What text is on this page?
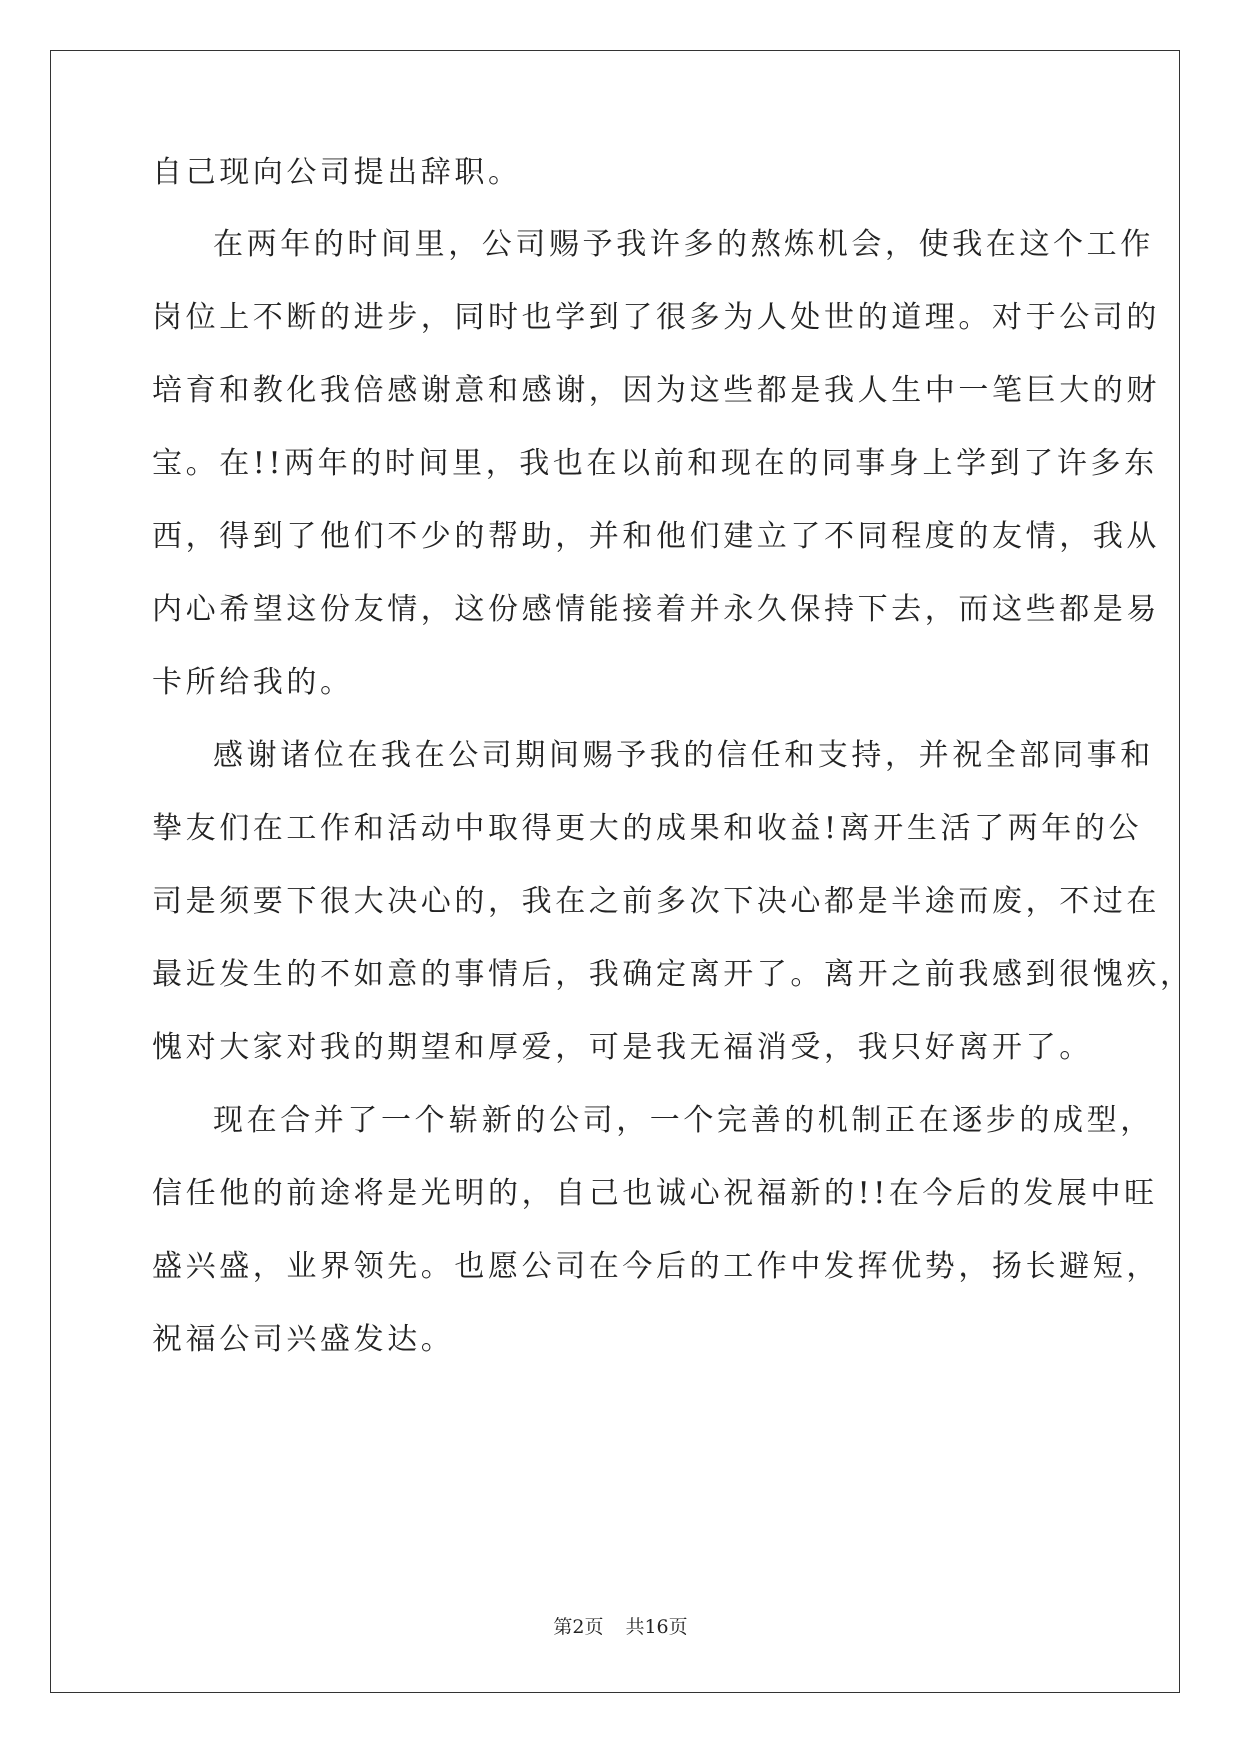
自己现向公司提出辞职。
在两年的时间里，公司赐予我许多的熬炼机会，使我在这个工作
岗位上不断的进步，同时也学到了很多为人处世的道理。对于公司的
培育和教化我倍感谢意和感谢，因为这些都是我人生中一笔巨大的财
宝。在!!两年的时间里，我也在以前和现在的同事身上学到了许多东
西，得到了他们不少的帮助，并和他们建立了不同程度的友情，我从
内心希望这份友情，这份感情能接着并永久保持下去，而这些都是易
卡所给我的。
感谢诸位在我在公司期间赐予我的信任和支持，并祝全部同事和
挚友们在工作和活动中取得更大的成果和收益!离开生活了两年的公
司是须要下很大决心的，我在之前多次下决心都是半途而废，不过在
最近发生的不如意的事情后，我确定离开了。离开之前我感到很愧疚，
愧对大家对我的期望和厚爱，可是我无福消受，我只好离开了。
现在合并了一个崭新的公司，一个完善的机制正在逐步的成型，
信任他的前途将是光明的，自己也诚心祝福新的!!在今后的发展中旺
盛兴盛，业界领先。也愿公司在今后的工作中发挥优势，扬长避短，
祝福公司兴盛发达。
第2页 共16页
